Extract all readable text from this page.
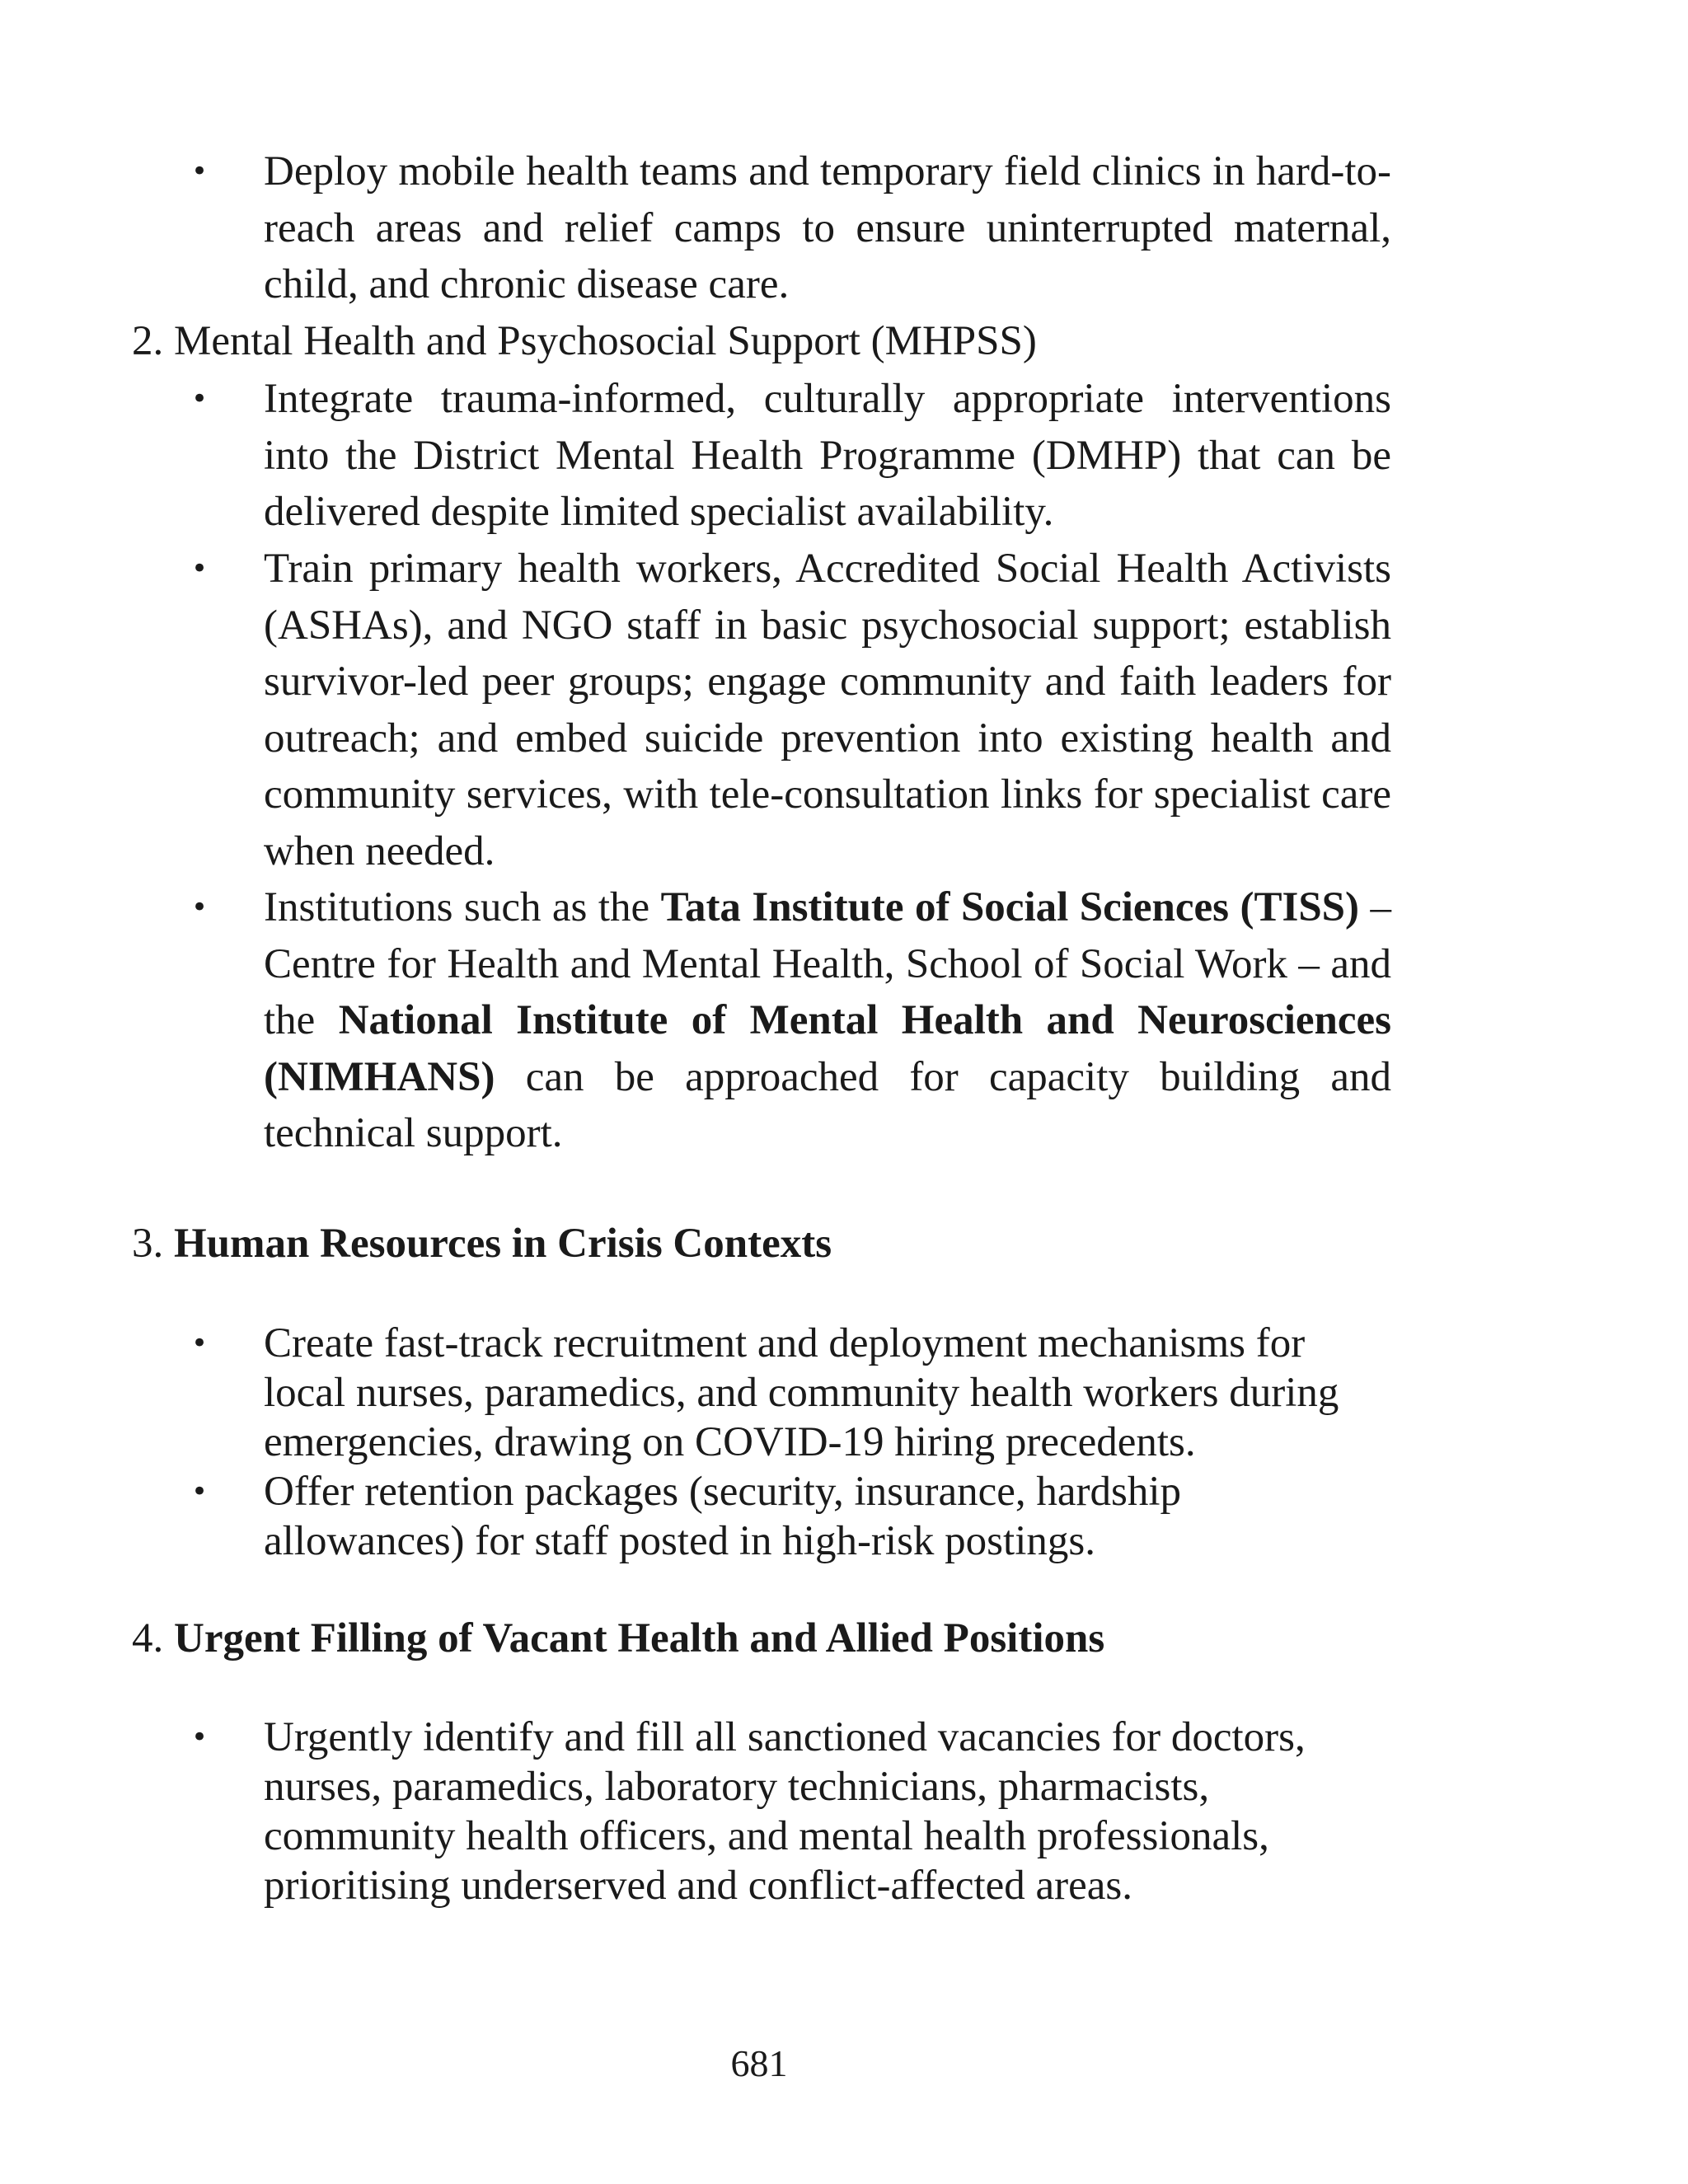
• Deploy mobile health teams and temporary field clinics in hard-to-reach areas and relief camps to ensure uninterrupted maternal, child, and chronic disease care.
2. Mental Health and Psychosocial Support (MHPSS)
• Integrate trauma-informed, culturally appropriate interventions into the District Mental Health Programme (DMHP) that can be delivered despite limited specialist availability.
• Train primary health workers, Accredited Social Health Activists (ASHAs), and NGO staff in basic psychosocial support; establish survivor-led peer groups; engage community and faith leaders for outreach; and embed suicide prevention into existing health and community services, with tele-consultation links for specialist care when needed.
• Institutions such as the Tata Institute of Social Sciences (TISS) – Centre for Health and Mental Health, School of Social Work – and the National Institute of Mental Health and Neurosciences (NIMHANS) can be approached for capacity building and technical support.
3. Human Resources in Crisis Contexts
• Create fast-track recruitment and deployment mechanisms for local nurses, paramedics, and community health workers during emergencies, drawing on COVID-19 hiring precedents.
• Offer retention packages (security, insurance, hardship allowances) for staff posted in high-risk postings.
4. Urgent Filling of Vacant Health and Allied Positions
• Urgently identify and fill all sanctioned vacancies for doctors, nurses, paramedics, laboratory technicians, pharmacists, community health officers, and mental health professionals, prioritising underserved and conflict-affected areas.
681
